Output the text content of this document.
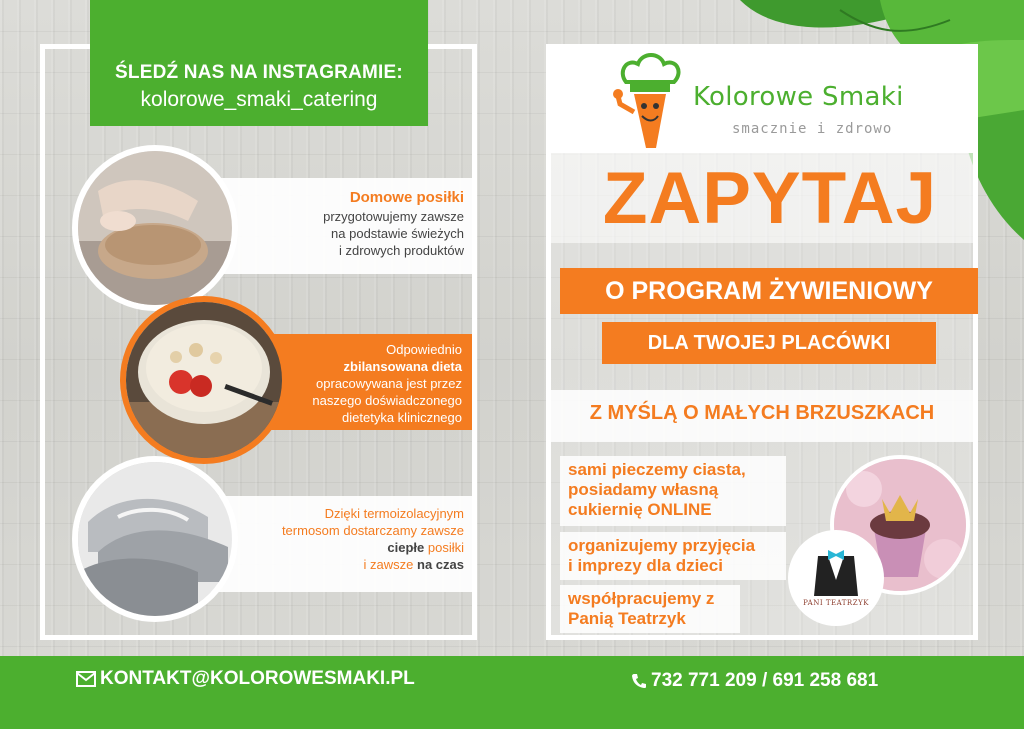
ŚLEDŹ NAS NA INSTAGRAMIE:
kolorowe_smaki_catering
Domowe posiłki
przygotowujemy zawsze
na podstawie świeżych
i zdrowych produktów
Odpowiednio
zbilansowana dieta
opracowywana jest przez
naszego doświadczonego
dietetyka klinicznego
Dzięki termoizolacyjnym
termosom dostarczamy zawsze
ciepłe posiłki
i zawsze na czas
Kolorowe Smaki
smacznie i zdrowo
ZAPYTAJ
O PROGRAM ŻYWIENIOWY
DLA TWOJEJ PLACÓWKI
Z MYŚLĄ O MAŁYCH BRZUSZKACH
sami pieczemy ciasta,
posiadamy własną
cukiernię ONLINE
organizujemy przyjęcia
i imprezy dla dzieci
współpracujemy z
Panią Teatrzyk
PANI TEATRZYK
KONTAKT@KOLOROWESMAKI.PL	732 771 209 / 691 258 681
